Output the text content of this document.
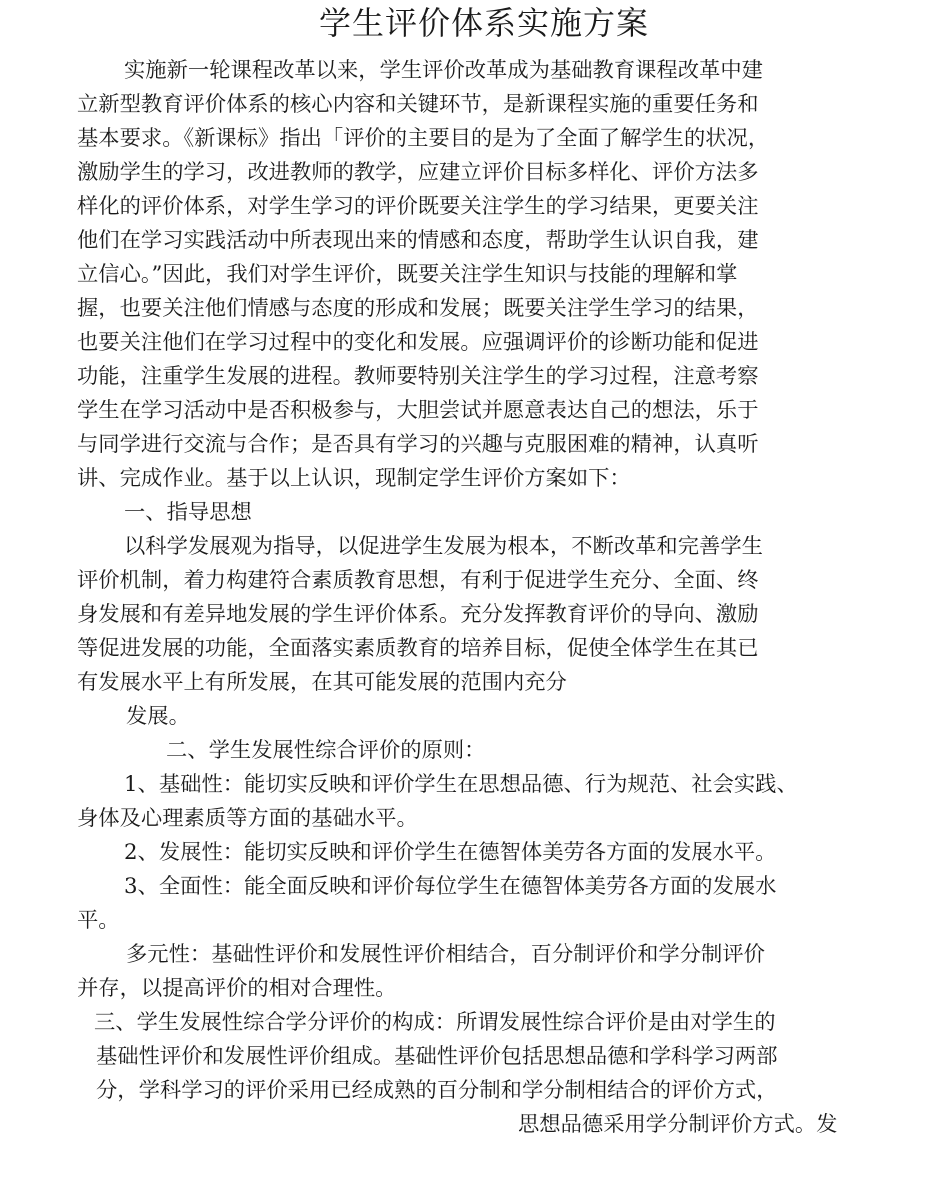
学生评价体系实施方案
实施新一轮课程改革以来，学生评价改革成为基础教育课程改革中建
立新型教育评价体系的核心内容和关键环节，是新课程实施的重要任务和
基本要求。《新课标》指出「评价的主要目的是为了全面了解学生的状况，
激励学生的学习，改进教师的教学，应建立评价目标多样化、评价方法多
样化的评价体系，对学生学习的评价既要关注学生的学习结果，更要关注
他们在学习实践活动中所表现出来的情感和态度，帮助学生认识自我，建
立信心。”因此，我们对学生评价，既要关注学生知识与技能的理解和掌
握，也要关注他们情感与态度的形成和发展；既要关注学生学习的结果，
也要关注他们在学习过程中的变化和发展。应强调评价的诊断功能和促进
功能，注重学生发展的进程。教师要特别关注学生的学习过程，注意考察
学生在学习活动中是否积极参与，大胆尝试并愿意表达自己的想法，乐于
与同学进行交流与合作；是否具有学习的兴趣与克服困难的精神，认真听
讲、完成作业。基于以上认识，现制定学生评价方案如下：
一、指导思想
以科学发展观为指导，以促进学生发展为根本，不断改革和完善学生
评价机制，着力构建符合素质教育思想，有利于促进学生充分、全面、终
身发展和有差异地发展的学生评价体系。充分发挥教育评价的导向、激励
等促进发展的功能，全面落实素质教育的培养目标，促使全体学生在其已
有发展水平上有所发展，在其可能发展的范围内充分
发展。
二、学生发展性综合评价的原则：
1、基础性：能切实反映和评价学生在思想品德、行为规范、社会实践、
身体及心理素质等方面的基础水平。
2、发展性：能切实反映和评价学生在德智体美劳各方面的发展水平。
3、全面性：能全面反映和评价每位学生在德智体美劳各方面的发展水
平。
多元性：基础性评价和发展性评价相结合，百分制评价和学分制评价
并存，以提高评价的相对合理性。
三、学生发展性综合学分评价的构成：所谓发展性综合评价是由对学生的
基础性评价和发展性评价组成。基础性评价包括思想品德和学科学习两部
分，学科学习的评价采用已经成熟的百分制和学分制相结合的评价方式，
思想品德采用学分制评价方式。发
